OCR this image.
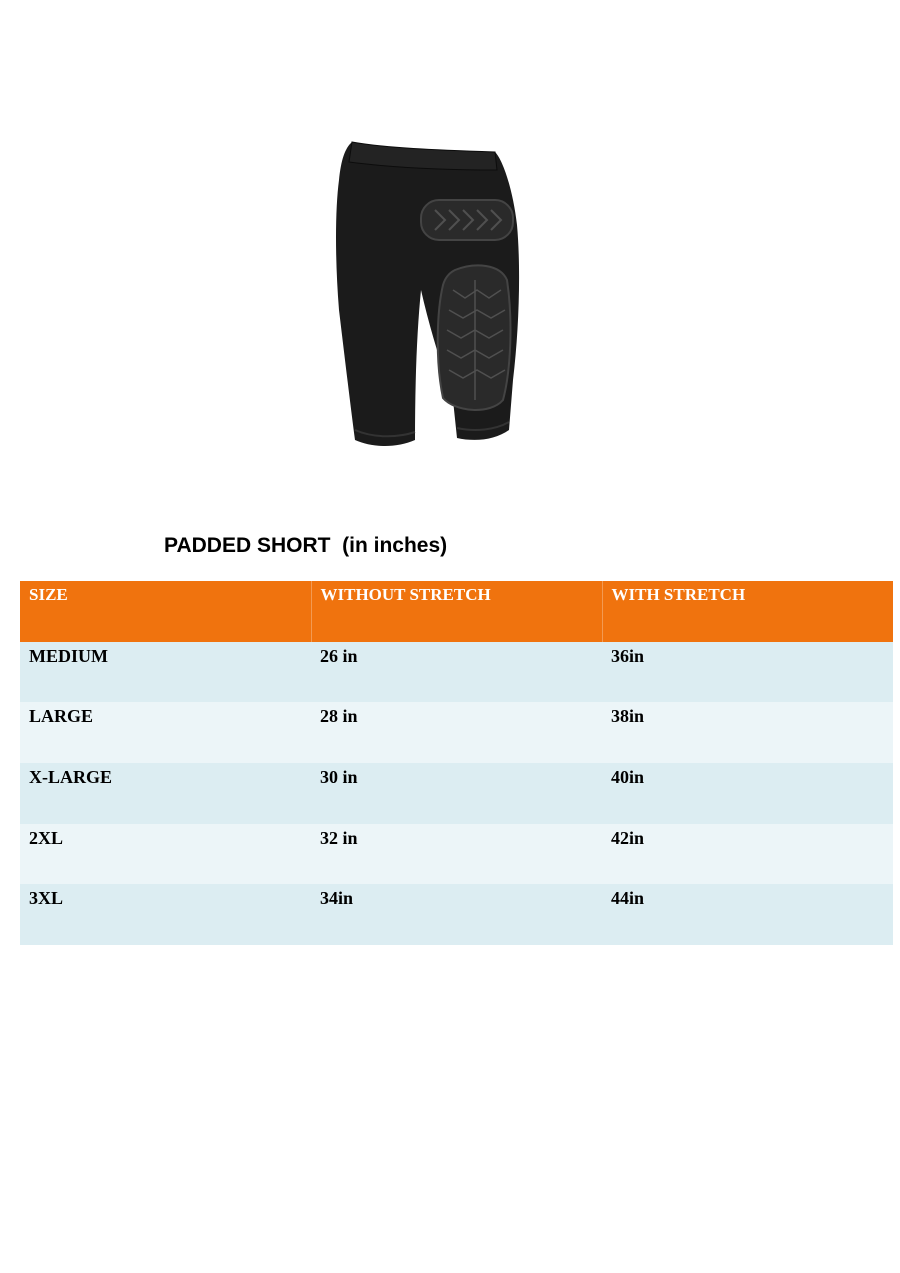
PADDED SHORT  (in inches)
SIZE	WITHOUT STRETCH	WITH STRETCH
MEDIUM	26 in	36in
LARGE	28 in	38in
X-LARGE	30 in	40in
2XL	32 in	42in
3XL	34in	44in
